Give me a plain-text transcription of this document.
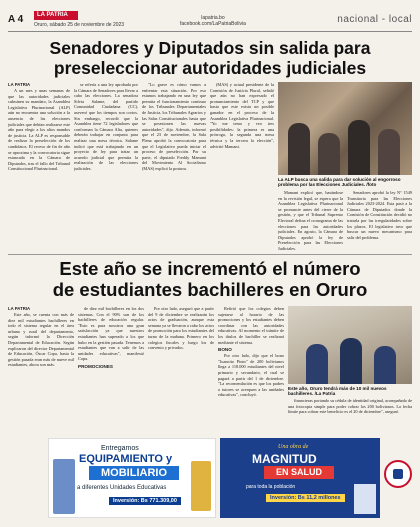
A 4	LA PATRIA
Oruro, sábado 25 de noviembre de 2023
lapatria.bo
facebook.com/LaPatriaBolivia	nacional - local
Senadores y Diputados sin salida para
preseleccionar autoridades judiciales
LA PATRIA

A un mes y unas semanas de que las autoridades judiciales culminen su mandato, la Asamblea Legislativa Plurinacional (ALP) aún no encuentra una solución a la ausencia de las elecciones judiciales que debían realizarse este año para elegir a los altos mandos de justicia. La ALP es responsable de realizar la preselección de los candidatos. El receso de fin de año se aproxima y la convocatoria sigue estancada en la Cámara de Diputados, tras el fallo del Tribunal Constitucional Plurinacional.

se refería a una ley aprobada por la Cámara de Senadores para llevar a cabo las elecciones. La senadora Silvia Salame, del partido Comunidad Ciudadana (CC), aseveró que los tiempos son cortos. Sin embargo, recordó que la Asamblea tiene 72 legisladores que conforman la Cámara Alta, quienes deberán trabajar en conjunto para realizar una mesa técnica. Salame indicó que está trabajando en un proyecto de ley para tratar un acuerdo judicial que permita la realización de las elecciones judiciales.

"Lo grave es cómo vamos a enfrentar esta situación. Por eso estamos trabajando en una ley que permita el funcionamiento continuo de los Tribunales Departamentales de Justicia, los Tribunales Agrarios y las Salas Constitucionales hasta que se posesionen las nuevas autoridades", dijo. Además, informó que el 23 de noviembre, la Sala Plena aprobó la convocatoria para que el Legislativo pueda iniciar el proceso de preselección. Por su parte, el diputado Freddy Mamani del Movimiento Al Socialismo (MAS) explicó la postura.

(MAS) y actual presidente de la Comisión de Justicia Plural, señaló que aún no han expresado el pronunciamiento del TCP y que basta que este exista un posible ganador en el proceso de la Asamblea Legislativa Plurinacional. "Yo me temo y veo tres posibilidades: la primera es una prórroga, la segunda una mesa técnica y la tercera la elección", advirtió Mamani.

La ALP busca una salida para dar solución al engorroso problema por las Elecciones Judiciales. /foto

Mamani explicó que, basándose en la revisión legal, se espera que la Asamblea Legislativa Plurinacional se pronuncie antes del cierre de la gestión, y que el Tribunal Supremo Electoral defina el cronograma de las elecciones para las autoridades judiciales. En agosto, la Cámara de Diputados aprobó la ley de Preselección para las Elecciones Judiciales.

Senadores aprobó la ley N° 1549 Transitoria para las Elecciones Judiciales 2023-2024. Esta pasó a la Cámara de Diputados donde la Comisión de Constitución decidió no tratarla por las irregularidades sobre los plazos. El legislativo tuvo que buscar un nuevo mecanismo para salir del problema.

Este año se incrementó el número
de estudiantes bachilleres en Oruro
LA PATRIA

Este año, se cuenta con más de diez mil estudiantes bachilleres en todo el sistema regular en el área urbana y rural del departamento, según informó la Dirección Departamental de Educación. Según explicaron del director Departamental de Educación, Óscar Copa, hasta la gestión pasada eran más de nueve mil estudiantes, ahora son más.

de diez mil bachilleres en los dos sistemas. Con el 90% son de los bachilleres de educación regular. "Esto es para nosotros una gran satisfacción ya que nuestros estudiantes han superado a los que hubo en la gestión pasada. Tenemos a estudiantes que van a salir de las unidades educativas", manifestó Copa.

PROMOCIONES

Por otro lado, aseguró que a partir del 9 de diciembre se realizarán los actos de graduación, aunque esta semana ya se llevaron a cabo los actos de promoción para los estudiantes del turno de la mañana. Primero en los colegios fiscales y luego los de convenio y privados.

Refirió que los colegios deben sujetarse al horario de las promociones y los estudiantes deben coordinar con las autoridades educativas. Al momento el trámite de los títulos de bachiller se realizará mediante el sistema.

BONO

Por otro lado, dijo que el bono "Juancito Pinto" de 200 bolivianos llega a 118.000 estudiantes del nivel primario y secundario, el cual se pagará a partir del 1 de diciembre. "La recomendación es que los padres o tutores se acerquen a las unidades educativas", concluyó.

Este año, Oruro tendrá más de 10 mil nuevos bachilleres. /La Patria

financieras portando su cédula de identidad original, acompañado de una fotocopia simple para poder cobrar los 200 bolivianos. La fecha límite para cobrar este beneficio es el 20 de diciembre", aseguró.

Entregamos
EQUIPAMIENTO y
MOBILIARIO
a diferentes Unidades Educativas
Inversión: Bs 771.309,00
Una obra de
MAGNITUD
EN SALUD
para toda la población
Inversión: Bs 11,2 millones
